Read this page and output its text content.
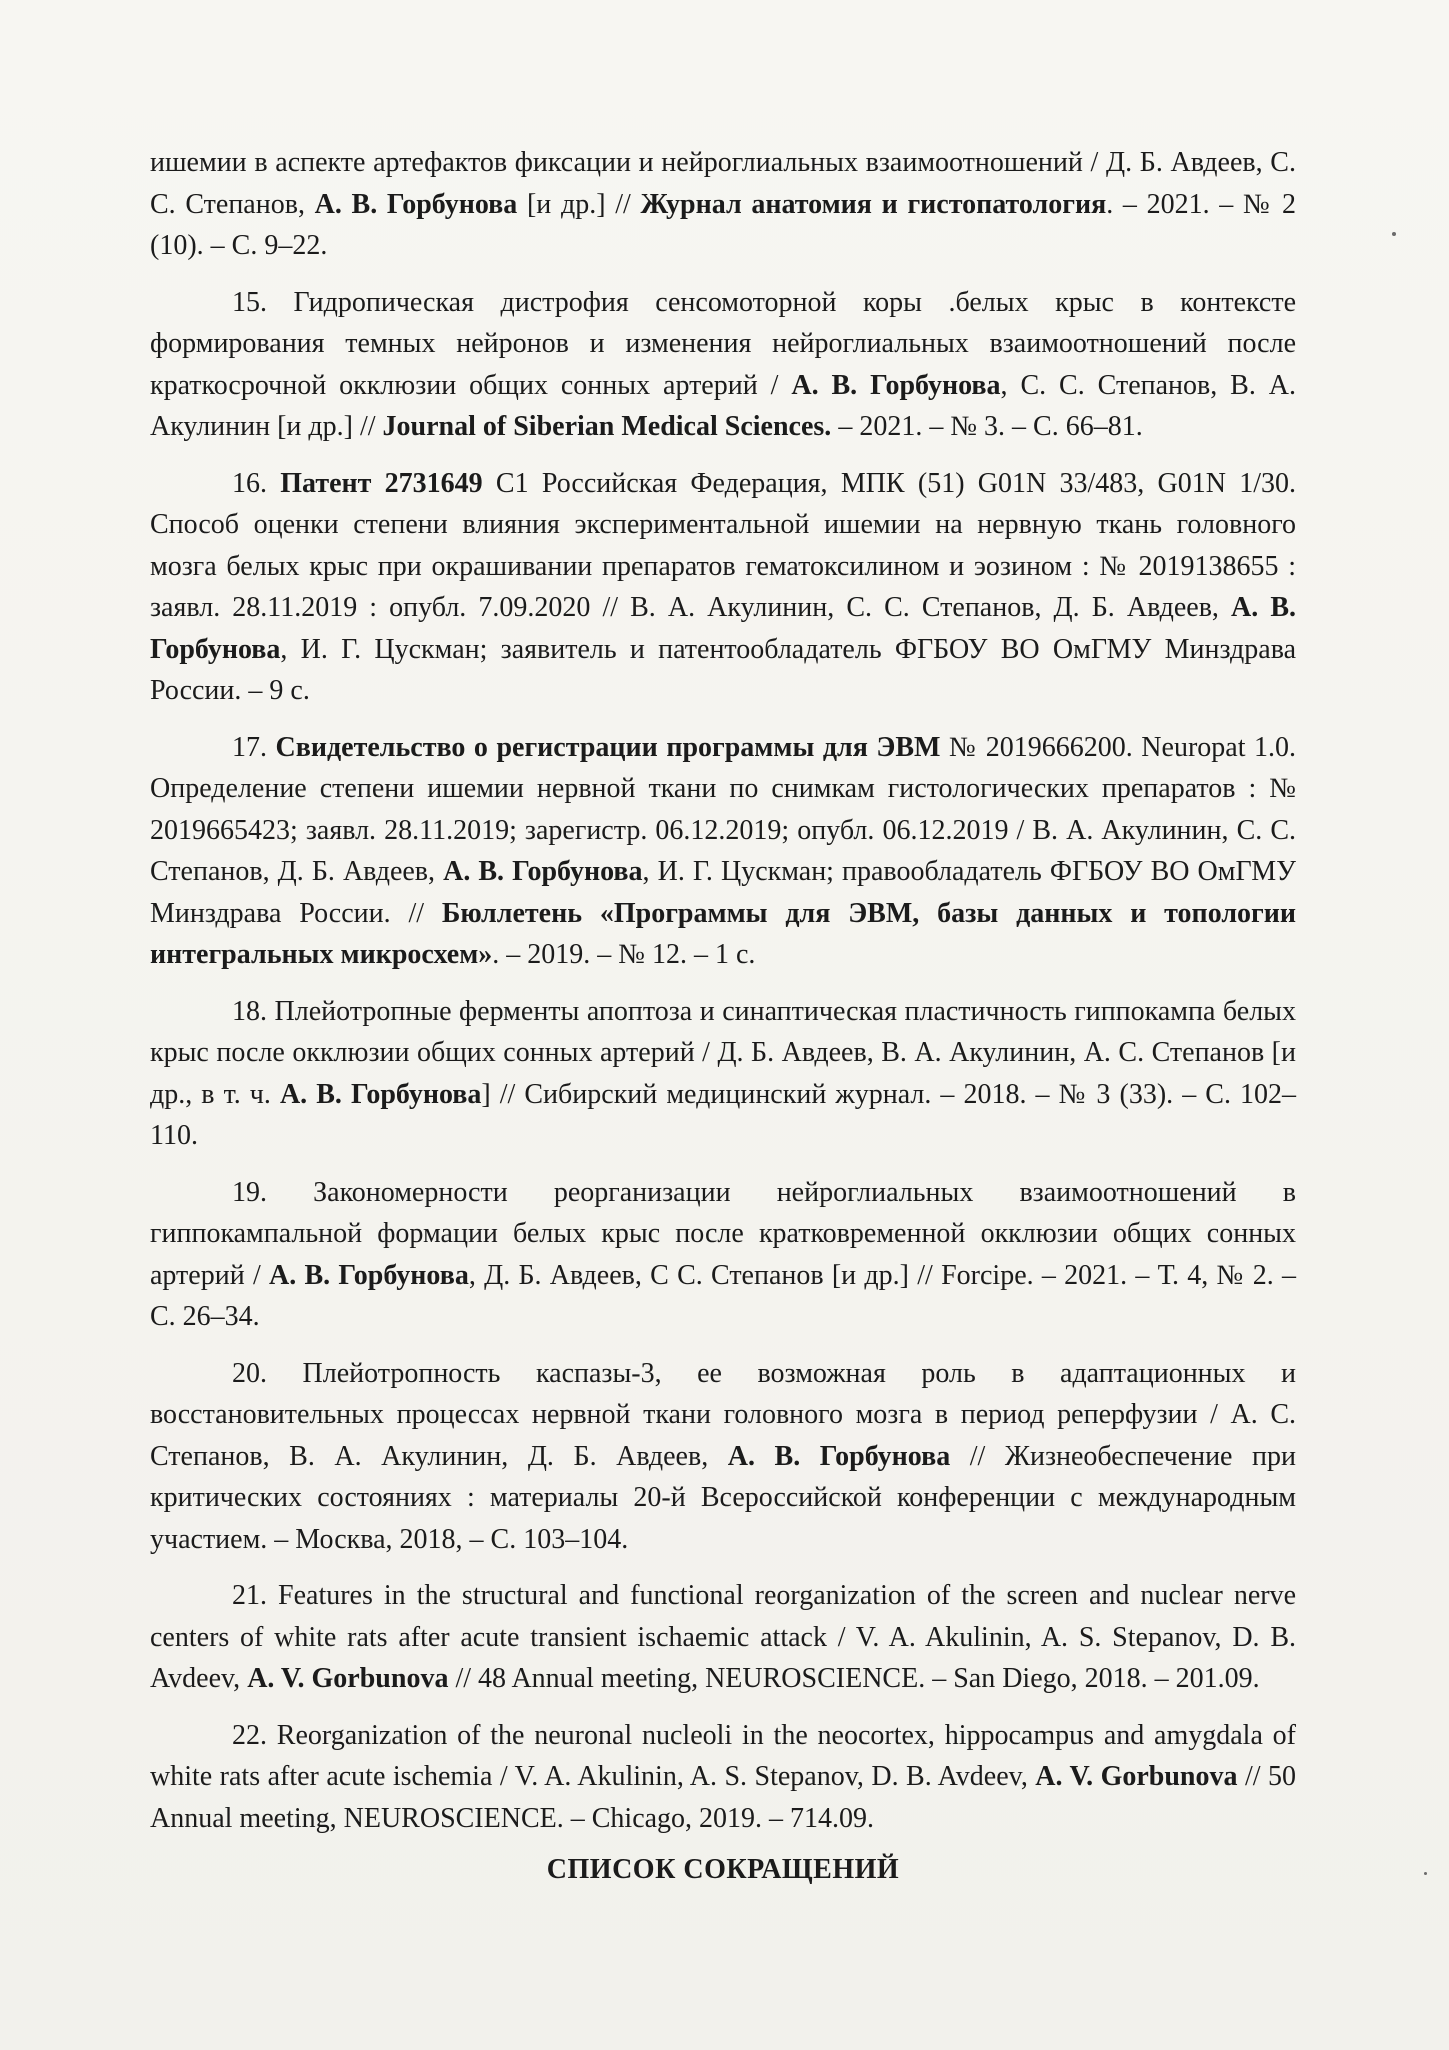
ишемии в аспекте артефактов фиксации и нейроглиальных взаимоотношений / Д. Б. Авдеев, С. С. Степанов, А. В. Горбунова [и др.] // Журнал анатомия и гистопатология. – 2021. – № 2 (10). – С. 9–22.

15. Гидропическая дистрофия сенсомоторной коры .белых крыс в контексте формирования темных нейронов и изменения нейроглиальных взаимоотношений после краткосрочной окклюзии общих сонных артерий / А. В. Горбунова, С. С. Степанов, В. А. Акулинин [и др.] // Journal of Siberian Medical Sciences. – 2021. – № 3. – С. 66–81.

16. Патент 2731649 С1 Российская Федерация, МПК (51) G01N 33/483, G01N 1/30. Способ оценки степени влияния экспериментальной ишемии на нервную ткань головного мозга белых крыс при окрашивании препаратов гематоксилином и эозином : № 2019138655 : заявл. 28.11.2019 : опубл. 7.09.2020 // В. А. Акулинин, С. С. Степанов, Д. Б. Авдеев, А. В. Горбунова, И. Г. Цускман; заявитель и патентообладатель ФГБОУ ВО ОмГМУ Минздрава России. – 9 с.

17. Свидетельство о регистрации программы для ЭВМ № 2019666200. Neuropat 1.0. Определение степени ишемии нервной ткани по снимкам гистологических препаратов : № 2019665423; заявл. 28.11.2019; зарегистр. 06.12.2019; опубл. 06.12.2019 / В. А. Акулинин, С. С. Степанов, Д. Б. Авдеев, А. В. Горбунова, И. Г. Цускман; правообладатель ФГБОУ ВО ОмГМУ Минздрава России. // Бюллетень «Программы для ЭВМ, базы данных и топологии интегральных микросхем». – 2019. – № 12. – 1 с.

18. Плейотропные ферменты апоптоза и синаптическая пластичность гиппокампа белых крыс после окклюзии общих сонных артерий / Д. Б. Авдеев, В. А. Акулинин, А. С. Степанов [и др., в т. ч. А. В. Горбунова] // Сибирский медицинский журнал. – 2018. – № 3 (33). – С. 102–110.

19. Закономерности реорганизации нейроглиальных взаимоотношений в гиппокампальной формации белых крыс после кратковременной окклюзии общих сонных артерий / А. В. Горбунова, Д. Б. Авдеев, С С. Степанов [и др.] // Forcipe. – 2021. – Т. 4, № 2. – С. 26–34.

20. Плейотропность каспазы-3, ее возможная роль в адаптационных и восстановительных процессах нервной ткани головного мозга в период реперфузии / А. С. Степанов, В. А. Акулинин, Д. Б. Авдеев, А. В. Горбунова // Жизнеобеспечение при критических состояниях : материалы 20-й Всероссийской конференции с международным участием. – Москва, 2018, – С. 103–104.

21. Features in the structural and functional reorganization of the screen and nuclear nerve centers of white rats after acute transient ischaemic attack / V. A. Akulinin, A. S. Stepanov, D. B. Avdeev, A. V. Gorbunova // 48 Annual meeting, NEUROSCIENCE. – San Diego, 2018. – 201.09.

22. Reorganization of the neuronal nucleoli in the neocortex, hippocampus and amygdala of white rats after acute ischemia / V. A. Akulinin, A. S. Stepanov, D. B. Avdeev, A. V. Gorbunova // 50 Annual meeting, NEUROSCIENCE. – Chicago, 2019. – 714.09.

СПИСОК СОКРАЩЕНИЙ
